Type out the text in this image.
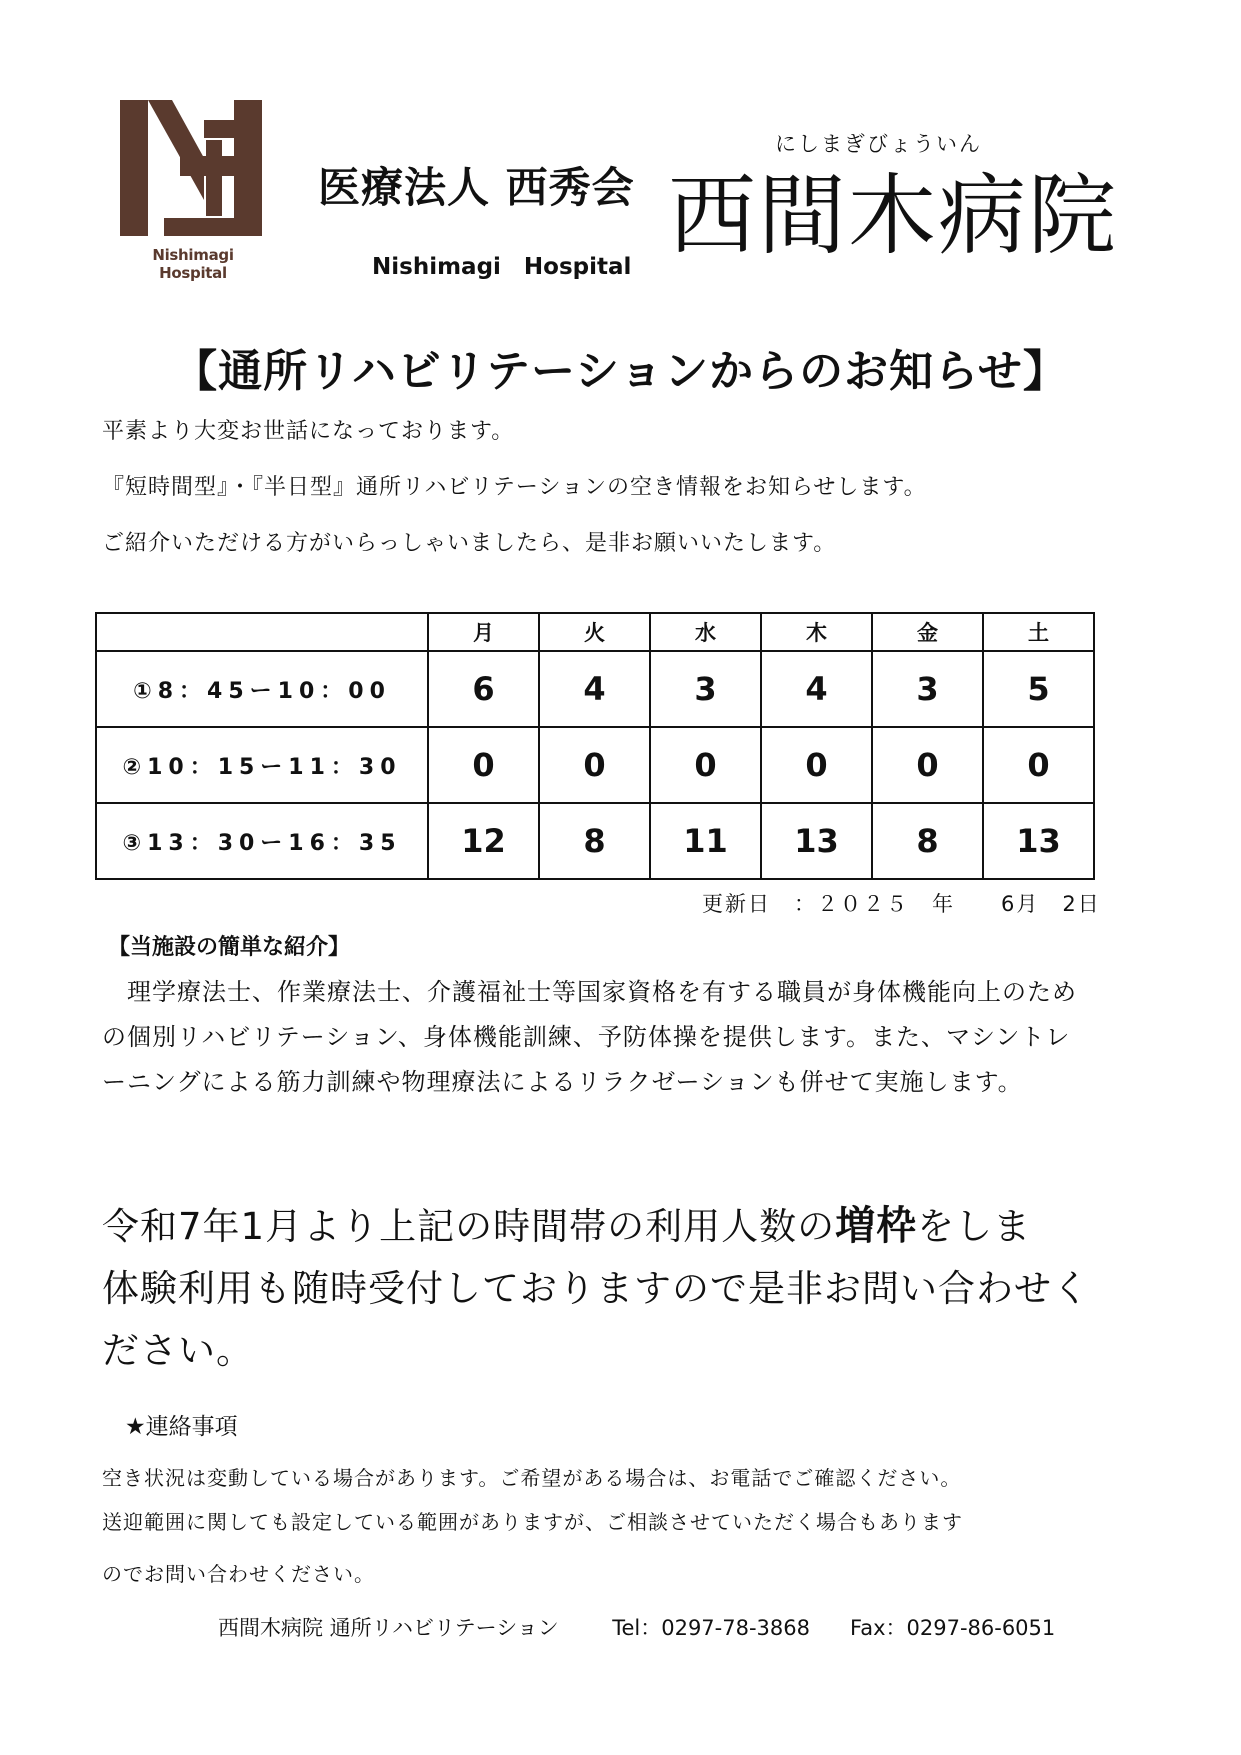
Nishimagi Hospital
医療法人 西秀会
Nishimagi　Hospital
にしまぎびょういん
西間木病院
【通所リハビリテーションからのお知らせ】
平素より大変お世話になっております。
『短時間型』・『半日型』通所リハビリテーションの空き情報をお知らせします。
ご紹介いただける方がいらっしゃいましたら、是非お願いいたします。
	月	火	水	木	金	土
①8：45ー10：00	6	4	3	4	3	5
②10：15ー11：30	0	0	0	0	0	0
③13：30ー16：35	12	8	11	13	8	13
更新日　：２０２５　年　　6月　2日
【当施設の簡単な紹介】
　理学療法士、作業療法士、介護福祉士等国家資格を有する職員が身体機能向上のための個別リハビリテーション、身体機能訓練、予防体操を提供します。また、マシントレーニングによる筋力訓練や物理療法によるリラクゼーションも併せて実施します。
令和7年1月より上記の時間帯の利用人数の増枠をしま
体験利用も随時受付しておりますので是非お問い合わせください。
★連絡事項
空き状況は変動している場合があります。ご希望がある場合は、お電話でご確認ください。
送迎範囲に関しても設定している範囲がありますが、ご相談させていただく場合もあります
のでお問い合わせください。
西間木病院 通所リハビリテーション	Tel：0297-78-3868 Fax：0297-86-6051
